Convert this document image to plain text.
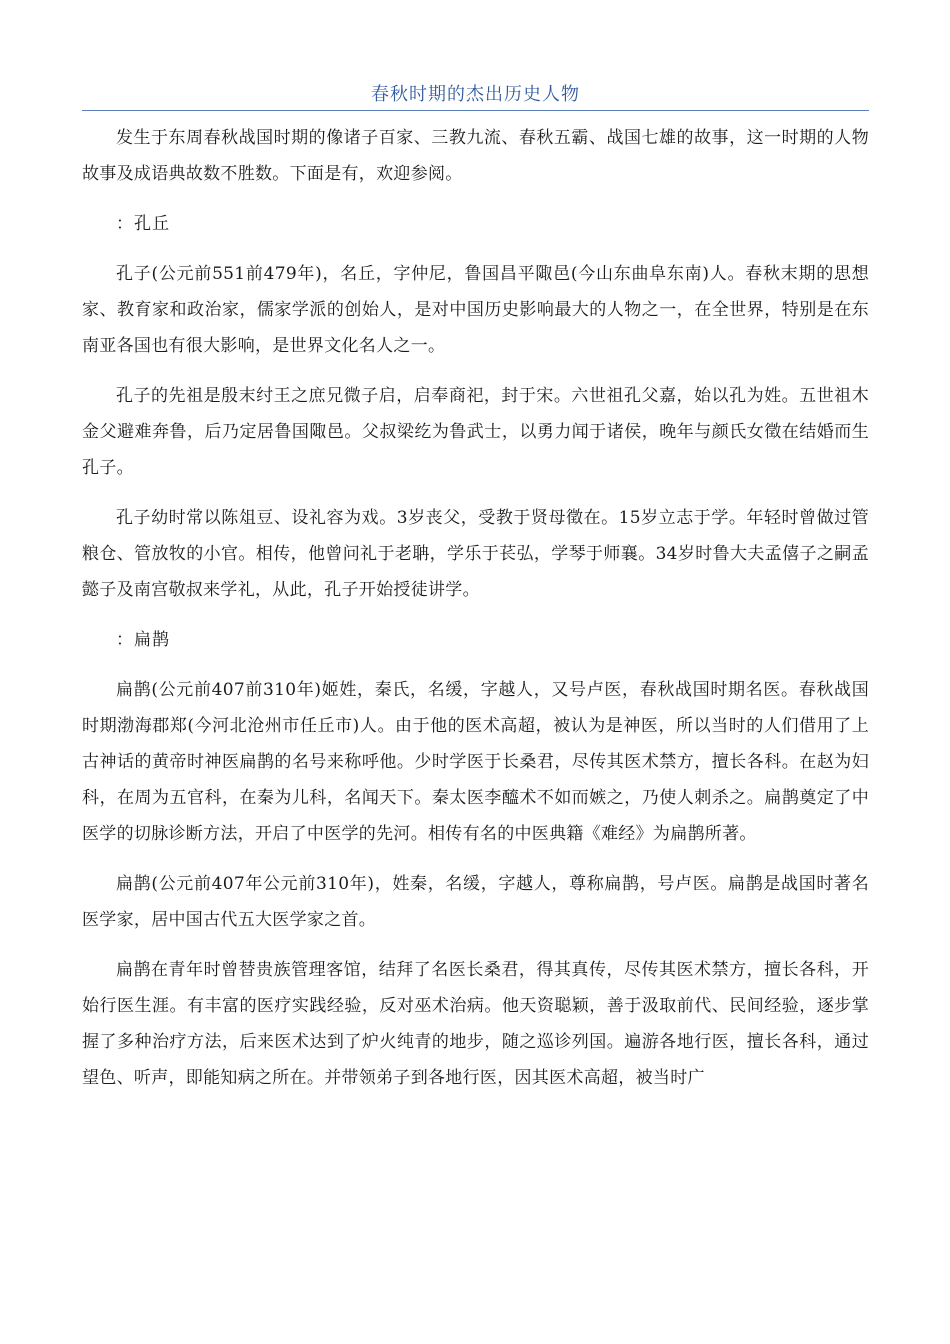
春秋时期的杰出历史人物

发生于东周春秋战国时期的像诸子百家、三教九流、春秋五霸、战国七雄的故事，这一时期的人物故事及成语典故数不胜数。下面是有，欢迎参阅。

：孔丘

孔子(公元前551前479年)，名丘，字仲尼，鲁国昌平陬邑(今山东曲阜东南)人。春秋末期的思想家、教育家和政治家，儒家学派的创始人，是对中国历史影响最大的人物之一，在全世界，特别是在东南亚各国也有很大影响，是世界文化名人之一。

孔子的先祖是殷末纣王之庶兄微子启，启奉商祀，封于宋。六世祖孔父嘉，始以孔为姓。五世祖木金父避难奔鲁，后乃定居鲁国陬邑。父叔梁纥为鲁武士，以勇力闻于诸侯，晚年与颜氏女徵在结婚而生孔子。

孔子幼时常以陈俎豆、设礼容为戏。3岁丧父，受教于贤母徵在。15岁立志于学。年轻时曾做过管粮仓、管放牧的小官。相传，他曾问礼于老聃，学乐于苌弘，学琴于师襄。34岁时鲁大夫孟僖子之嗣孟懿子及南宫敬叔来学礼，从此，孔子开始授徒讲学。

：扁鹊

扁鹊(公元前407前310年)姬姓，秦氏，名缓，字越人，又号卢医，春秋战国时期名医。春秋战国时期渤海郡郑(今河北沧州市任丘市)人。由于他的医术高超，被认为是神医，所以当时的人们借用了上古神话的黄帝时神医扁鹊的名号来称呼他。少时学医于长桑君，尽传其医术禁方，擅长各科。在赵为妇科，在周为五官科，在秦为儿科，名闻天下。秦太医李醯术不如而嫉之，乃使人刺杀之。扁鹊奠定了中医学的切脉诊断方法，开启了中医学的先河。相传有名的中医典籍《难经》为扁鹊所著。

扁鹊(公元前407年公元前310年)，姓秦，名缓，字越人，尊称扁鹊，号卢医。扁鹊是战国时著名医学家，居中国古代五大医学家之首。

扁鹊在青年时曾替贵族管理客馆，结拜了名医长桑君，得其真传，尽传其医术禁方，擅长各科，开始行医生涯。有丰富的医疗实践经验，反对巫术治病。他天资聪颖，善于汲取前代、民间经验，逐步掌握了多种治疗方法，后来医术达到了炉火纯青的地步，随之巡诊列国。遍游各地行医，擅长各科，通过望色、听声，即能知病之所在。并带领弟子到各地行医，因其医术高超，被当时广
